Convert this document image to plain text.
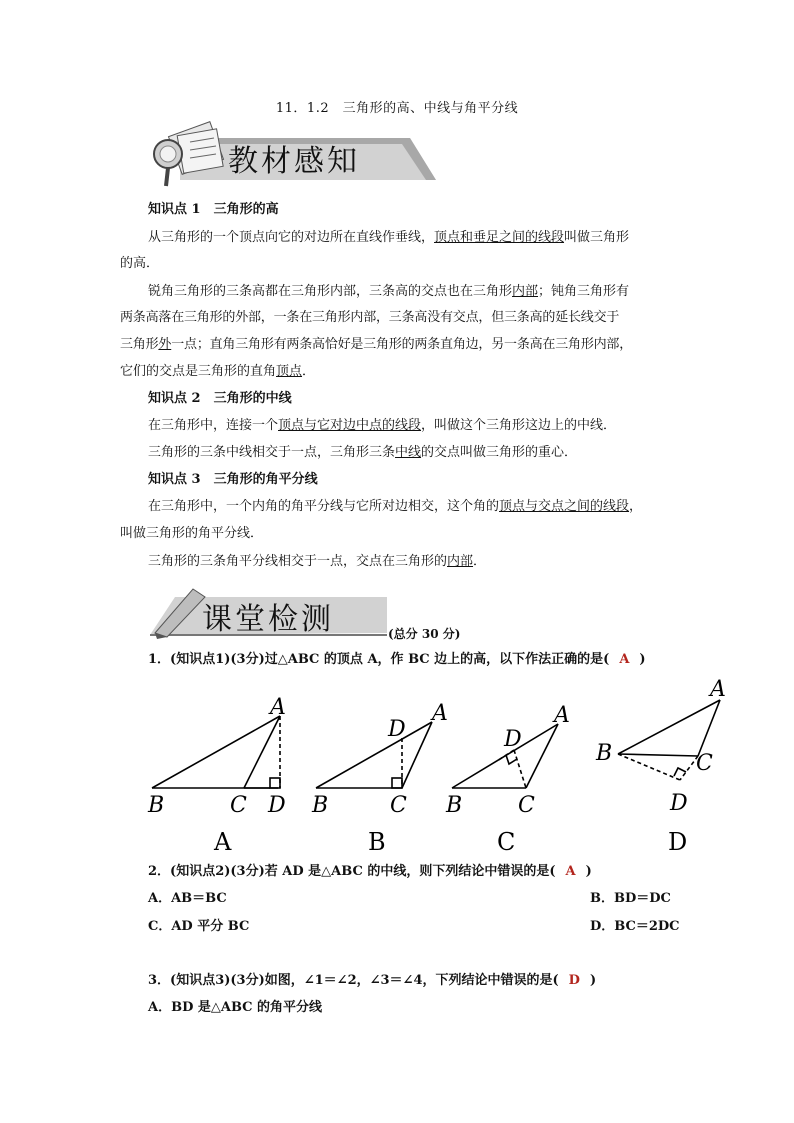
11．1.2　三角形的高、中线与角平分线
教材感知
知识点 1　三角形的高
从三角形的一个顶点向它的对边所在直线作垂线，顶点和垂足之间的线段叫做三角形
的高．
锐角三角形的三条高都在三角形内部，三条高的交点也在三角形内部；钝角三角形有
两条高落在三角形的外部，一条在三角形内部，三条高没有交点，但三条高的延长线交于
三角形外一点；直角三角形有两条高恰好是三角形的两条直角边，另一条高在三角形内部，
它们的交点是三角形的直角顶点．
知识点 2　三角形的中线
在三角形中，连接一个顶点与它对边中点的线段，叫做这个三角形这边上的中线．
三角形的三条中线相交于一点，三角形三条中线的交点叫做三角形的重心．
知识点 3　三角形的角平分线
在三角形中，一个内角的角平分线与它所对边相交，这个角的顶点与交点之间的线段，
叫做三角形的角平分线．
三角形的三条角平分线相交于一点，交点在三角形的内部．
课堂检测	(总分 30 分)
1．(知识点1)(3分)过△ABC 的顶点 A，作 BC 边上的高，以下作法正确的是( A )
A
B	C D
A
A
D
B	C
B
A
D
B	C
C
A
B	C
D
D
2．(知识点2)(3分)若 AD 是△ABC 的中线，则下列结论中错误的是( A )
A．AB＝BC	B．BD＝DC
C．AD 平分 BC	D．BC＝2DC
3．(知识点3)(3分)如图，∠1＝∠2，∠3＝∠4，下列结论中错误的是( D )
A．BD 是△ABC 的角平分线
